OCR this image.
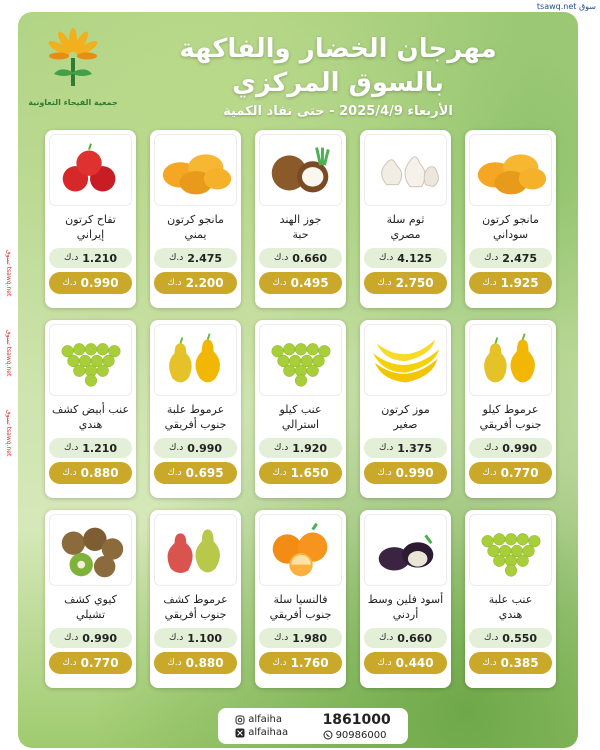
تسوق tsawq.net
تسوق tsawq.net
تسوق tsawq.net
tsawq.net سوق
جمعية الفيحاء التعاونية
مهرجان الخضار والفاكهة
بالسوق المركزي
الأربعاء 2025/4/9 - حتى نفاد الكمية
مانجو كرتون
سوداني
2.475
د.ك
1.925
د.ك
ثوم سلة
مصري
4.125
د.ك
2.750
د.ك
جوز الهند
حبة
0.660
د.ك
0.495
د.ك
مانجو كرتون
يمني
2.475
د.ك
2.200
د.ك
تفاح كرتون
إيراني
1.210
د.ك
0.990
د.ك
عرموط كيلو
جنوب أفريقي
0.990
د.ك
0.770
د.ك
موز كرتون
صغير
1.375
د.ك
0.990
د.ك
عنب كيلو
استرالي
1.920
د.ك
1.650
د.ك
عرموط علبة
جنوب أفريقي
0.990
د.ك
0.695
د.ك
عنب أبيض كشف
هندي
1.210
د.ك
0.880
د.ك
عنب علبة
هندي
0.550
د.ك
0.385
د.ك
أسود فلين وسط
أردني
0.660
د.ك
0.440
د.ك
فالنسيا سلة
جنوب أفريقي
1.980
د.ك
1.760
د.ك
عرموط كشف
جنوب أفريقي
1.100
د.ك
0.880
د.ك
كيوي كشف
تشيلي
0.990
د.ك
0.770
د.ك
alfaiha
alfaihaa
1861000
90986000
